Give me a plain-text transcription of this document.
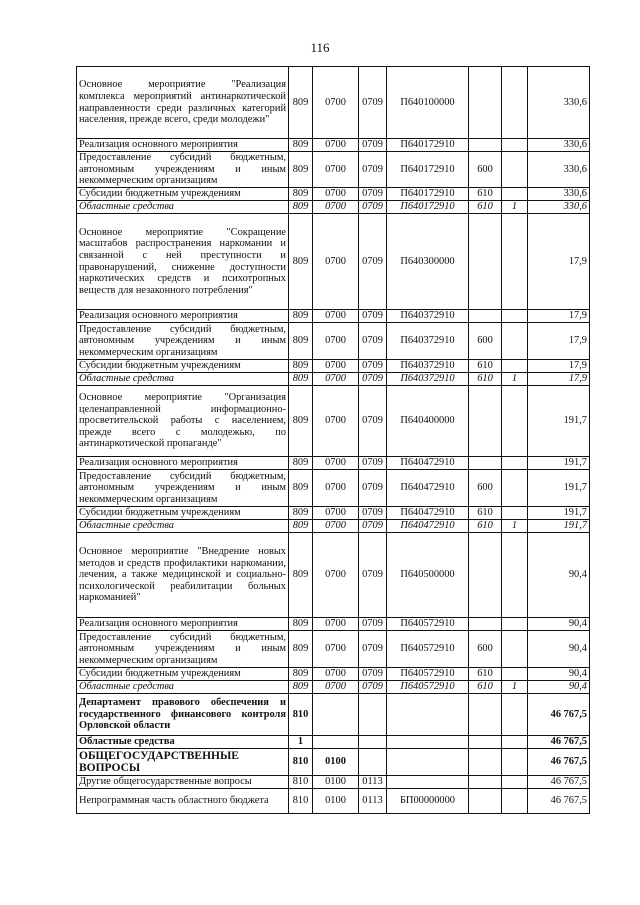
116
Основное мероприятие "Реализация комплекса мероприятий антинаркотической направленности среди различных категорий населения, прежде всего, среди молодежи"	809	0700	0709	П640100000			330,6
Реализация основного мероприятия	809	0700	0709	П640172910			330,6
Предоставление субсидий бюджетным, автономным учреждениям и иным некоммерческим организациям	809	0700	0709	П640172910	600		330,6
Субсидии бюджетным учреждениям	809	0700	0709	П640172910	610		330,6
Областные средства	809	0700	0709	П640172910	610	1	330,6
Основное мероприятие "Сокращение масштабов распространения наркомании и связанной с ней преступности и правонарушений, снижение доступности наркотических средств и психотропных веществ для незаконного потребления"	809	0700	0709	П640300000			17,9
Реализация основного мероприятия	809	0700	0709	П640372910			17,9
Предоставление субсидий бюджетным, автономным учреждениям и иным некоммерческим организациям	809	0700	0709	П640372910	600		17,9
Субсидии бюджетным учреждениям	809	0700	0709	П640372910	610		17,9
Областные средства	809	0700	0709	П640372910	610	1	17,9
Основное мероприятие "Организация целенаправленной информационно-просветительской работы с населением, прежде всего с молодежью, по антинаркотической пропаганде"	809	0700	0709	П640400000			191,7
Реализация основного мероприятия	809	0700	0709	П640472910			191,7
Предоставление субсидий бюджетным, автономным учреждениям и иным некоммерческим организациям	809	0700	0709	П640472910	600		191,7
Субсидии бюджетным учреждениям	809	0700	0709	П640472910	610		191,7
Областные средства	809	0700	0709	П640472910	610	1	191,7
Основное мероприятие "Внедрение новых методов и средств профилактики наркомании, лечения, а также медицинской и социально-психологической реабилитации больных наркоманией"	809	0700	0709	П640500000			90,4
Реализация основного мероприятия	809	0700	0709	П640572910			90,4
Предоставление субсидий бюджетным, автономным учреждениям и иным некоммерческим организациям	809	0700	0709	П640572910	600		90,4
Субсидии бюджетным учреждениям	809	0700	0709	П640572910	610		90,4
Областные средства	809	0700	0709	П640572910	610	1	90,4
Департамент правового обеспечения и государственного финансового контроля Орловской области	810						46 767,5
Областные средства	1						46 767,5
ОБЩЕГОСУДАРСТВЕННЫЕ ВОПРОСЫ	810	0100					46 767,5
Другие общегосударственные вопросы	810	0100	0113				46 767,5
Непрограммная часть областного бюджета	810	0100	0113	БП00000000			46 767,5
